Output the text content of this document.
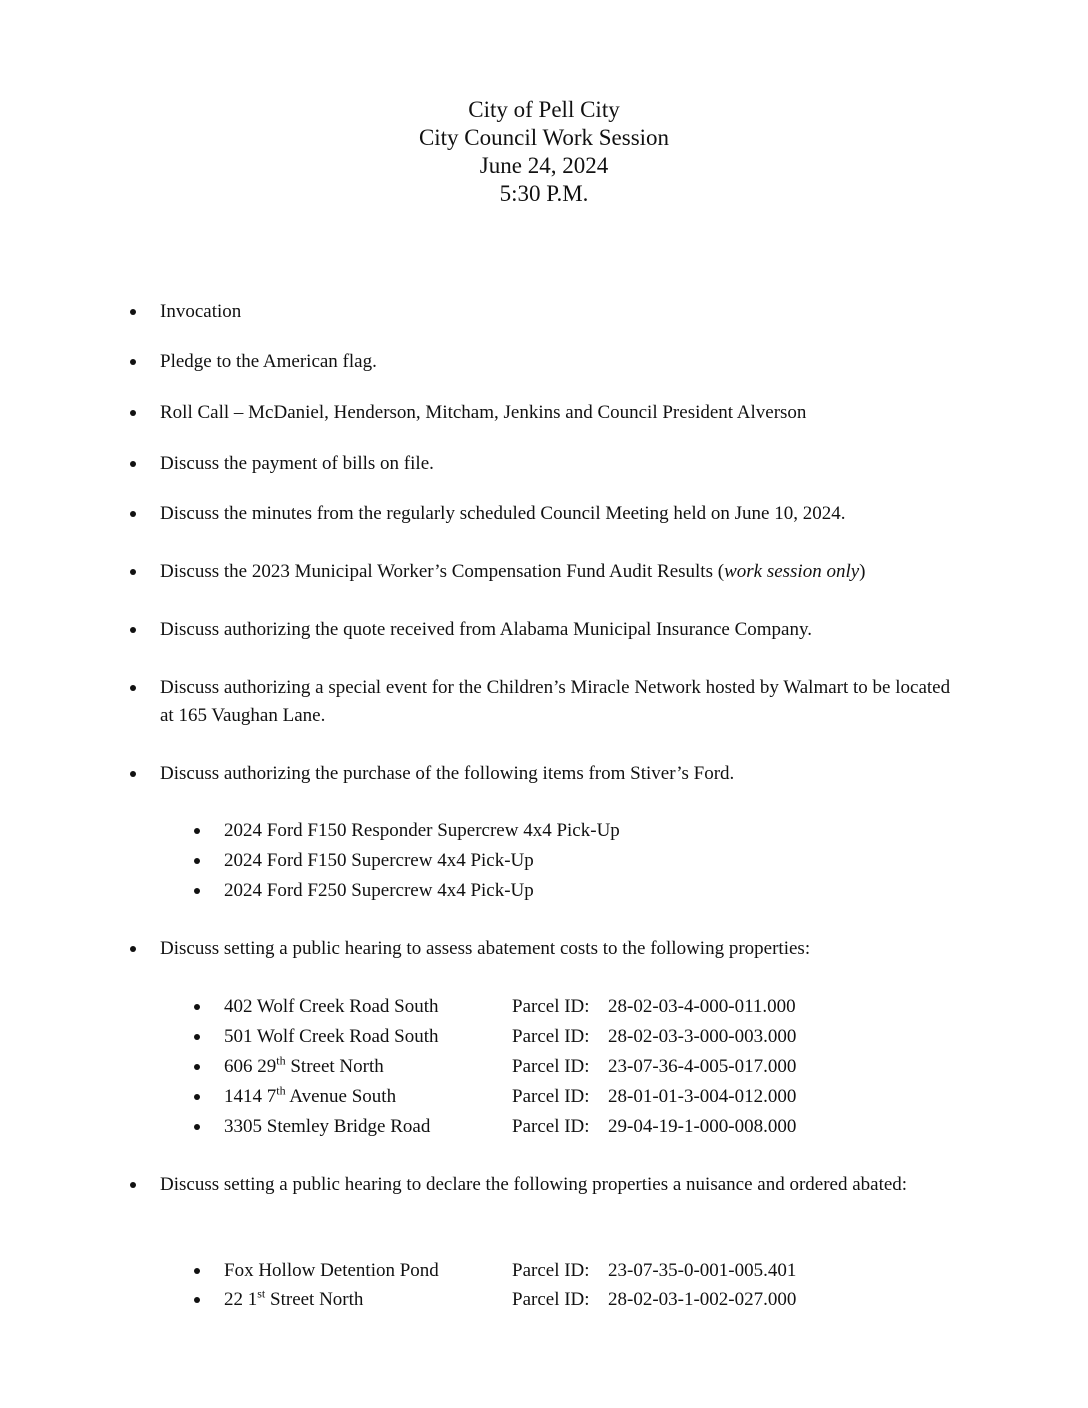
City of Pell City
City Council Work Session
June 24, 2024
5:30 P.M.
Invocation
Pledge to the American flag.
Roll Call – McDaniel, Henderson, Mitcham, Jenkins and Council President Alverson
Discuss the payment of bills on file.
Discuss the minutes from the regularly scheduled Council Meeting held on June 10, 2024.
Discuss the 2023 Municipal Worker’s Compensation Fund Audit Results (work session only)
Discuss authorizing the quote received from Alabama Municipal Insurance Company.
Discuss authorizing a special event for the Children’s Miracle Network hosted by Walmart to be located at 165 Vaughan Lane.
Discuss authorizing the purchase of the following items from Stiver’s Ford.
2024 Ford F150 Responder Supercrew 4x4 Pick-Up
2024 Ford F150 Supercrew 4x4 Pick-Up
2024 Ford F250 Supercrew 4x4 Pick-Up
Discuss setting a public hearing to assess abatement costs to the following properties:
402 Wolf Creek Road South	Parcel ID: 28-02-03-4-000-011.000
501 Wolf Creek Road South	Parcel ID: 28-02-03-3-000-003.000
606 29th Street North	Parcel ID: 23-07-36-4-005-017.000
1414 7th Avenue South	Parcel ID: 28-01-01-3-004-012.000
3305 Stemley Bridge Road	Parcel ID: 29-04-19-1-000-008.000
Discuss setting a public hearing to declare the following properties a nuisance and ordered abated:
Fox Hollow Detention Pond	Parcel ID: 23-07-35-0-001-005.401
22 1st Street North	Parcel ID: 28-02-03-1-002-027.000
